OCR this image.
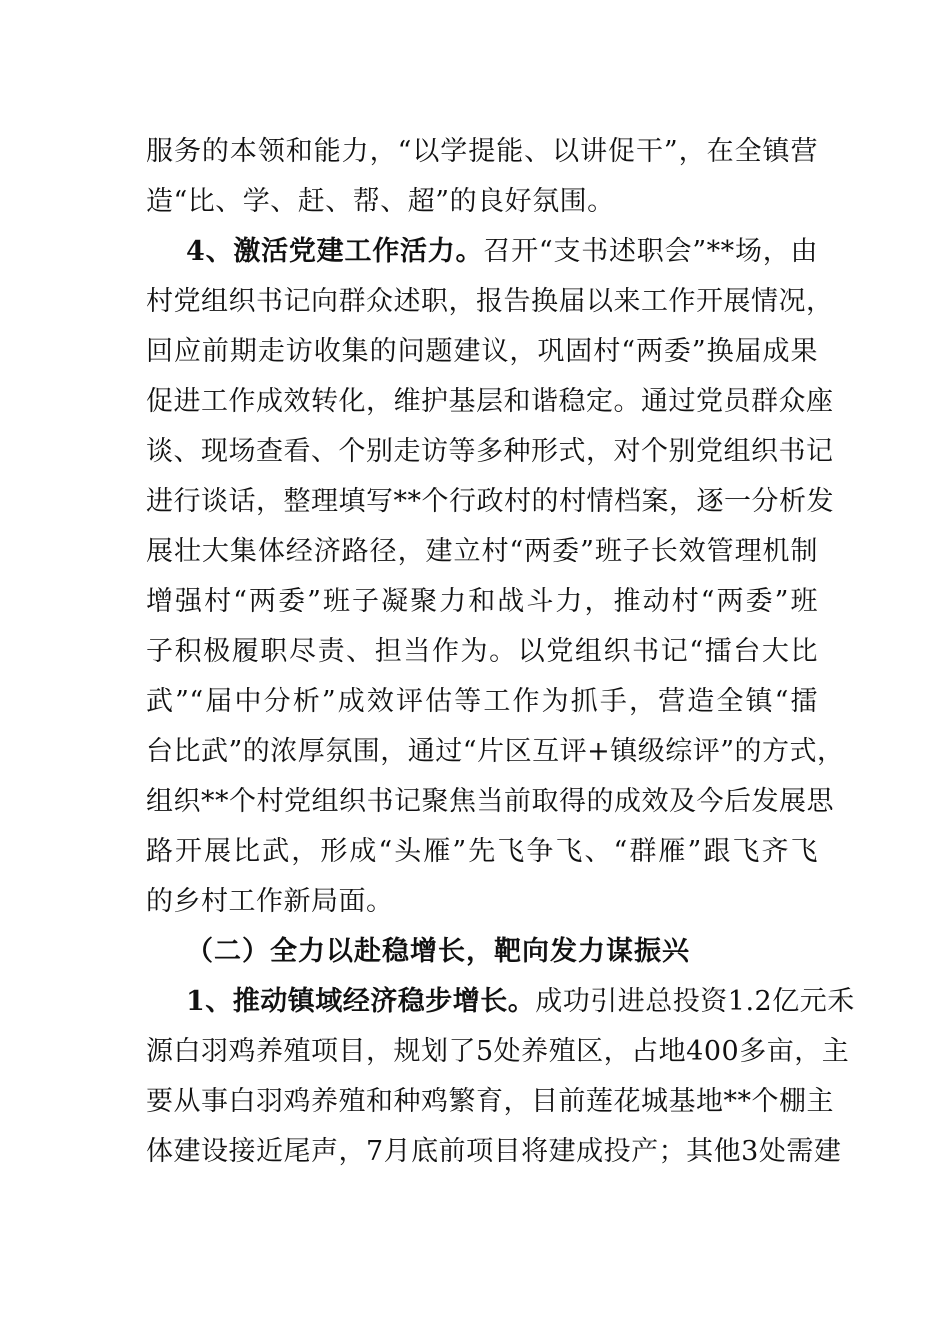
服务的本领和能力，“以学提能、以讲促干”，在全镇营
造“比、学、赶、帮、超”的良好氛围。
4、激活党建工作活力。召开“支书述职会”**场，由
村党组织书记向群众述职，报告换届以来工作开展情况，
回应前期走访收集的问题建议，巩固村“两委”换届成果
促进工作成效转化，维护基层和谐稳定。通过党员群众座
谈、现场查看、个别走访等多种形式，对个别党组织书记
进行谈话，整理填写**个行政村的村情档案，逐一分析发
展壮大集体经济路径，建立村“两委”班子长效管理机制
增强村“两委”班子凝聚力和战斗力，推动村“两委”班
子积极履职尽责、担当作为。以党组织书记“擂台大比
武”“届中分析”成效评估等工作为抓手，营造全镇“擂
台比武”的浓厚氛围，通过“片区互评+镇级综评”的方式，
组织**个村党组织书记聚焦当前取得的成效及今后发展思
路开展比武，形成“头雁”先飞争飞、“群雁”跟飞齐飞
的乡村工作新局面。
（二）全力以赴稳增长，靶向发力谋振兴
1、推动镇域经济稳步增长。成功引进总投资1.2亿元禾
源白羽鸡养殖项目，规划了5处养殖区，占地400多亩，主
要从事白羽鸡养殖和种鸡繁育，目前莲花城基地**个棚主
体建设接近尾声，7月底前项目将建成投产；其他3处需建
